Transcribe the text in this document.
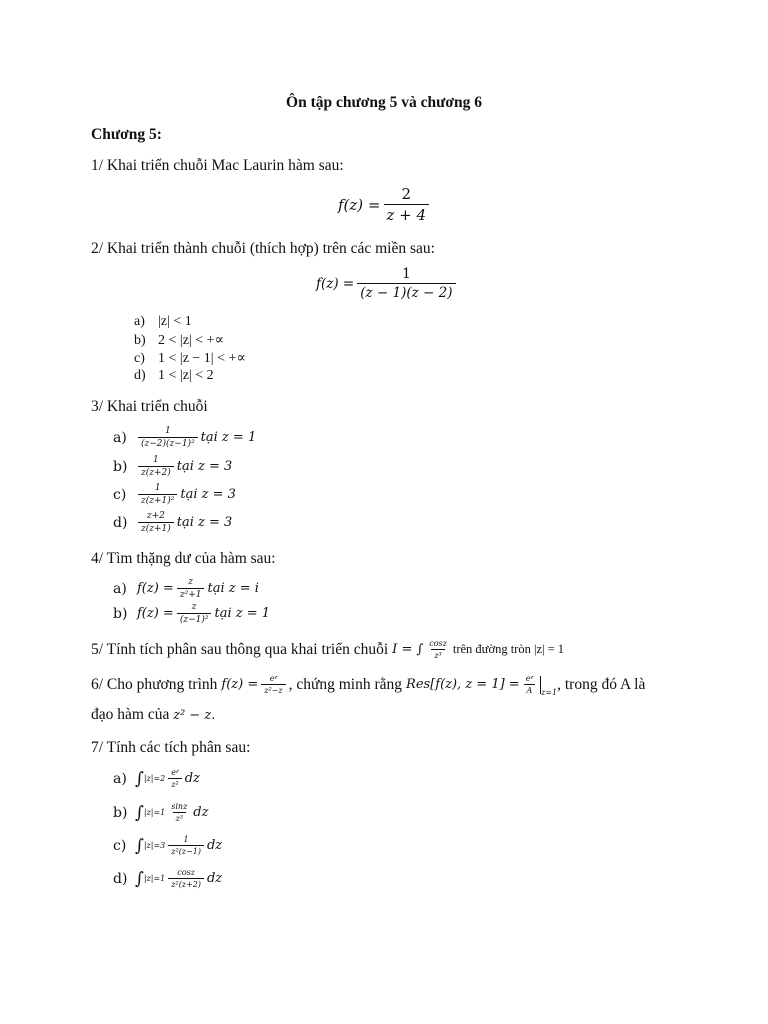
Ôn tập chương 5 và chương 6
Chương 5:
1/ Khai triển chuỗi Mac Laurin hàm sau:
$f(z) = \frac{2}{z + 4}$
2/ Khai triển thành chuỗi (thích hợp) trên các miền sau:
$f(z) = \frac{1}{(z - 1)(z - 2)}$
a) |z| < 1
b) 2 < |z| < +∝
c) 1 < |z − 1| < +∝
d) 1 < |z| < 2
3/ Khai triển chuỗi
a)	$\frac{1}{\text{(z−2)(z−1)²}}$ tại z = 1
b)	$\frac{1}{z(z+2)}$ tại z = 3
c)	$\frac{1}{\text{z(z+1)²}}$ tại z = 3
d)	$\frac{z+2}{z(z+1)}$ tại z = 3
4/ Tìm thặng dư của hàm sau:
a) $f(z) = \frac{z}{\text{z²+1}}$ tại z = i
b) $f(z) = \frac{z}{\text{(z−1)²}}$ tại z = 1
5/ Tính tích phân sau thông qua khai triển chuỗi I = ∫ $\frac{\cos z}{\text{z³}}$ trên đường tròn |z| = 1
6/ Cho phương trình $f(z) = \frac{\text{eᶻ}}{\text{z²−z}}$ , chứng minh rằng Res[f(z), $z = 1] = \frac{\text{eᶻ}}{A} z=1$ , trong đó A là
đạo hàm của z² − z.
7/ Tính các tích phân sau:
a) ∫ $|z|=2 \frac{\text{eᶻ}}{\text{z²}}$ dz
b) ∫ $|z|=1 \frac{\sin z}{\text{z³}}$ dz
c) ∫ $|z|=3 \frac{1}{\text{z²(z−1)}}$ dz
d) ∫ $|z|=1 \frac{\cos z}{\text{z²(z+2)}}$ dz
